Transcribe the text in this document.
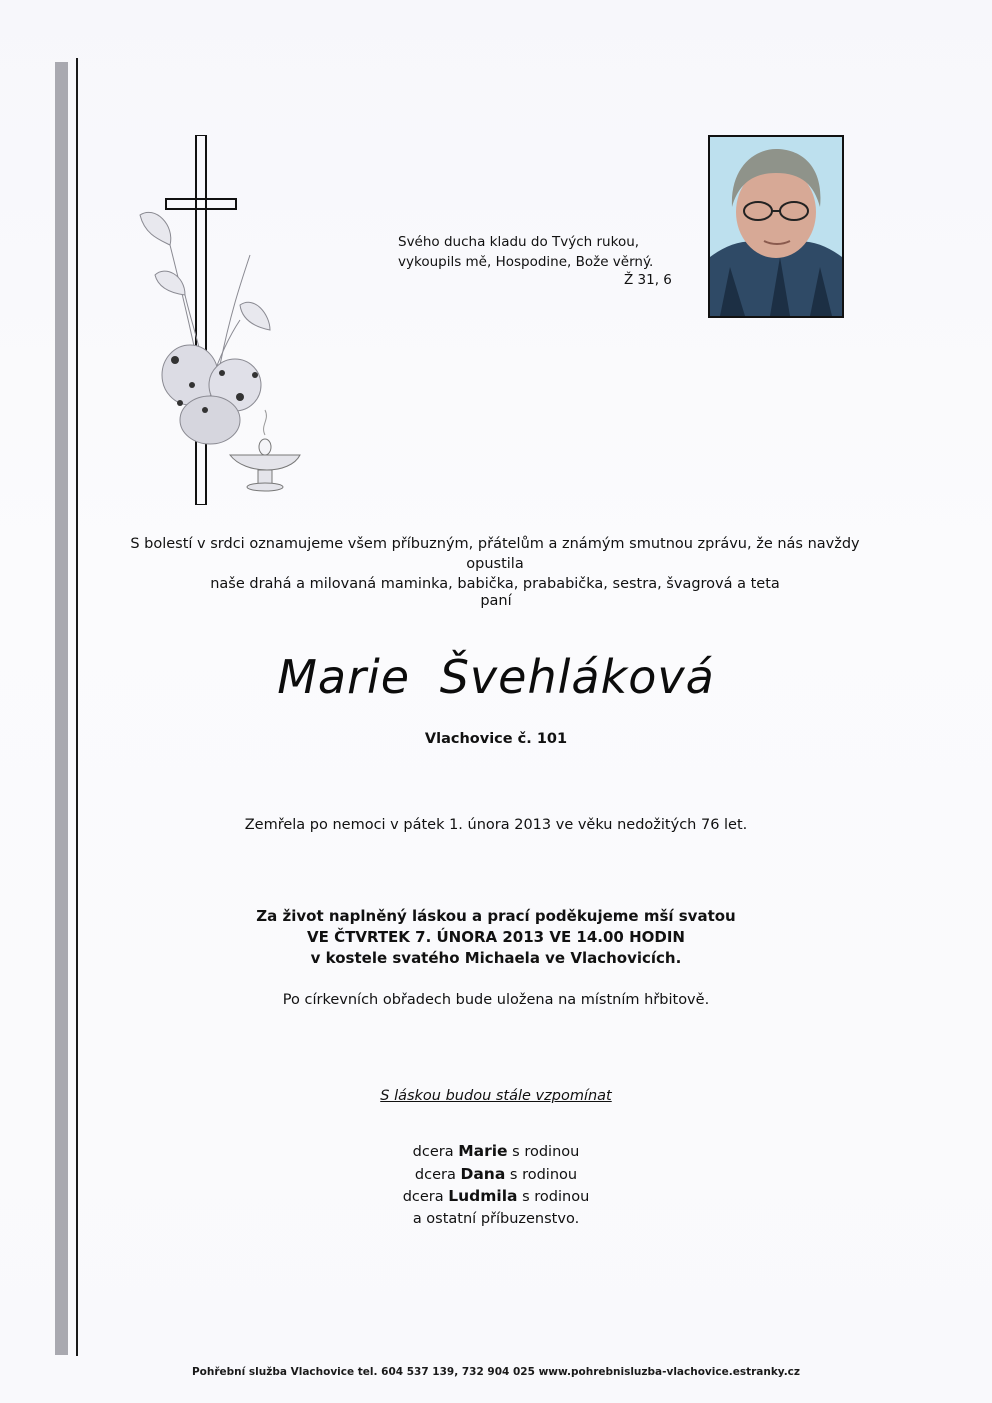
Svého ducha kladu do Tvých rukou,
vykoupils mě, Hospodine, Bože věrný.
Ž 31, 6
S bolestí v srdci oznamujeme všem příbuzným, přátelům a známým smutnou zprávu, že nás navždy opustila
naše drahá a milovaná maminka, babička, prababička, sestra, švagrová a teta
paní
Marie Švehláková
Vlachovice č. 101
Zemřela po nemoci v pátek 1. února 2013 ve věku nedožitých 76 let.
Za život naplněný láskou a prací poděkujeme mší svatou
VE ČTVRTEK 7. ÚNORA 2013 VE 14.00 HODIN
v kostele svatého Michaela ve Vlachovicích.
Po církevních obřadech bude uložena na místním hřbitově.
S láskou budou stále vzpomínat
dcera Marie s rodinou
dcera Dana s rodinou
dcera Ludmila s rodinou
a ostatní příbuzenstvo.
Pohřební služba Vlachovice tel. 604 537 139, 732 904 025 www.pohrebnisluzba-vlachovice.estranky.cz
